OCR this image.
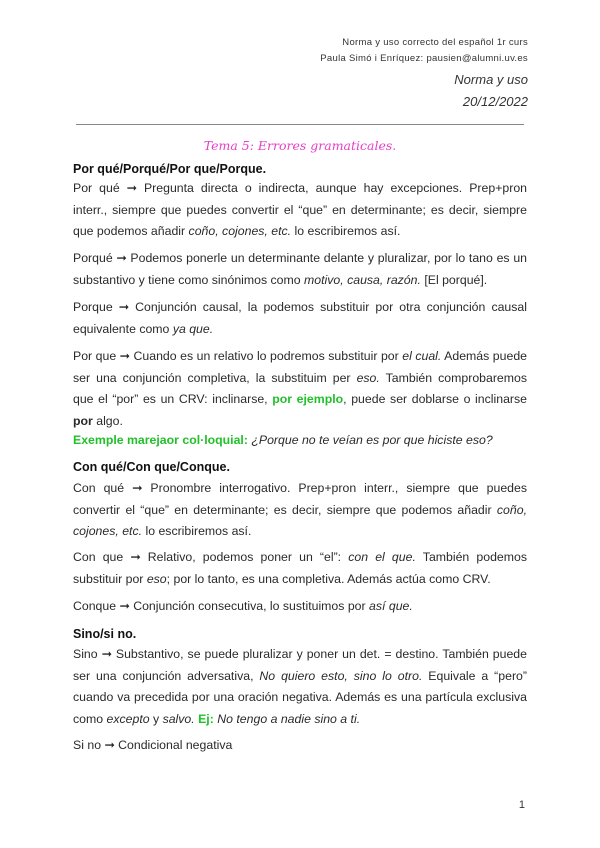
Norma y uso correcto del español 1r curs
Paula Simó i Enríquez: pausien@alumni.uv.es
Norma y uso
20/12/2022
Tema 5: Errores gramaticales.
Por qué/Porqué/Por que/Porque.
Por qué ➞ Pregunta directa o indirecta, aunque hay excepciones. Prep+pron interr., siempre que puedes convertir el “que” en determinante; es decir, siempre que podemos añadir coño, cojones, etc. lo escribiremos así.
Porqué ➞ Podemos ponerle un determinante delante y pluralizar, por lo tano es un substantivo y tiene como sinónimos como motivo, causa, razón. [El porqué].
Porque ➞ Conjunción causal, la podemos substituir por otra conjunción causal equivalente como ya que.
Por que ➞ Cuando es un relativo lo podremos substituir por el cual. Además puede ser una conjunción completiva, la substituim per eso. También comprobaremos que el “por” es un CRV: inclinarse, por ejemplo, puede ser doblarse o inclinarse por algo.
Exemple marejaor col·loquial: ¿Porque no te veían es por que hiciste eso?
Con qué/Con que/Conque.
Con qué ➞ Pronombre interrogativo. Prep+pron interr., siempre que puedes convertir el “que” en determinante; es decir, siempre que podemos añadir coño, cojones, etc. lo escribiremos así.
Con que ➞ Relativo, podemos poner un “el”: con el que. También podemos substituir por eso; por lo tanto, es una completiva. Además actúa como CRV.
Conque ➞ Conjunción consecutiva, lo sustituimos por así que.
Sino/si no.
Sino ➞ Substantivo, se puede pluralizar y poner un det. = destino. También puede ser una conjunción adversativa, No quiero esto, sino lo otro. Equivale a “pero” cuando va precedida por una oración negativa. Además es una partícula exclusiva como excepto y salvo. Ej: No tengo a nadie sino a ti.
Si no ➞ Condicional negativa
1
